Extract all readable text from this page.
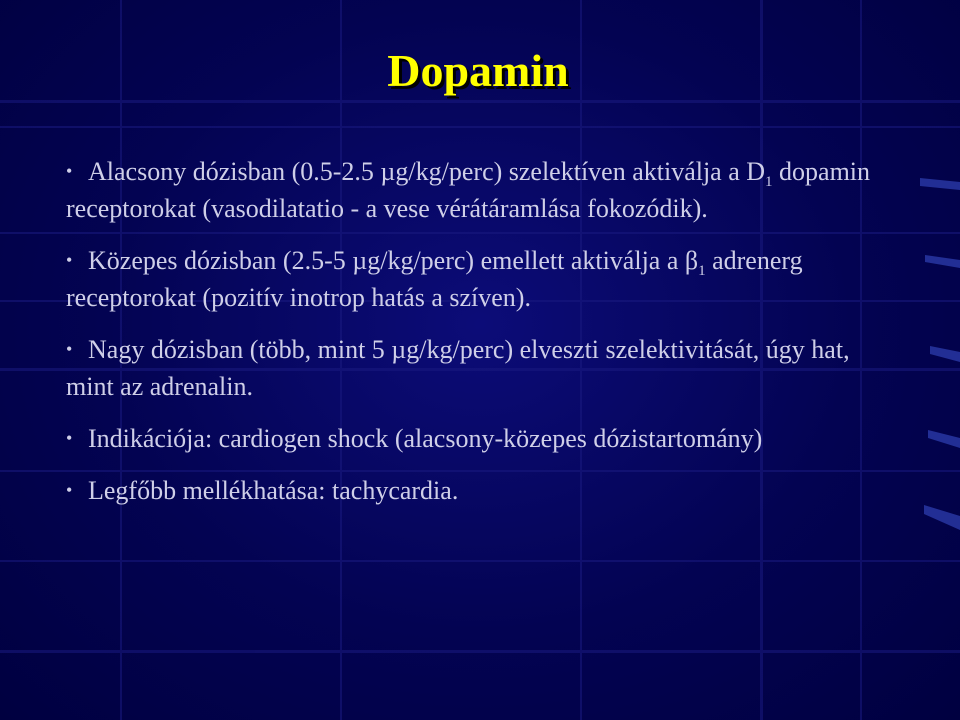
Dopamin
• Alacsony dózisban (0.5-2.5 µg/kg/perc) szelektíven aktiválja a $D_1$ dopamin receptorokat (vasodilatatio - a vese vérátáramlása fokozódik).
• Közepes dózisban (2.5-5 µg/kg/perc) emellett aktiválja a $\beta_1$ adrenerg receptorokat (pozitív inotrop hatás a szíven).
• Nagy dózisban (több, mint 5 µg/kg/perc) elveszti szelektivitását, úgy hat, mint az adrenalin.
• Indikációja: cardiogen shock (alacsony-közepes dózistartomány)
• Legfőbb mellékhatása: tachycardia.
